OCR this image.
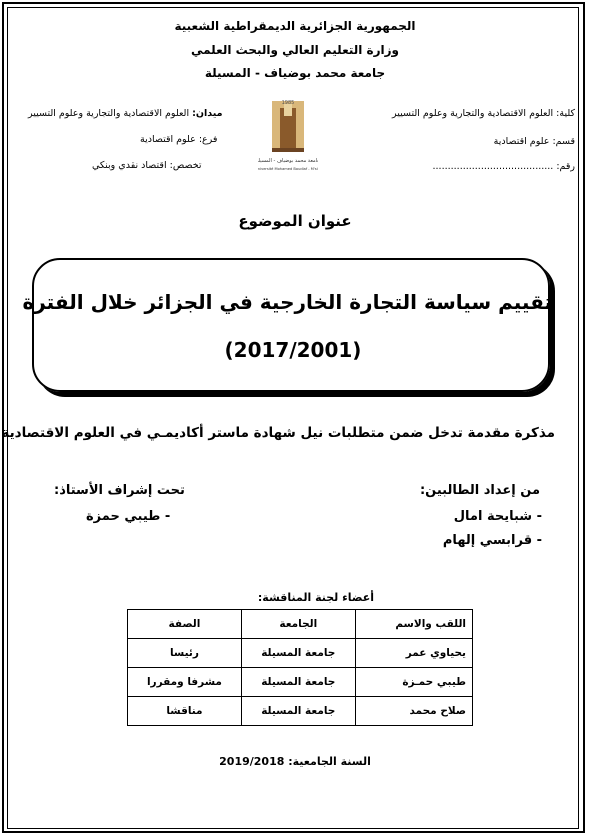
الجمهورية الجزائرية الديمقراطية الشعبية
وزارة التعليم العالي والبحث العلمي
جامعة محمد بوضياف - المسيلة
كلية: العلوم الاقتصادية والتجارية وعلوم التسيير
قسم: علوم اقتصادية
رقم: ........................................
1985
جامعة محمد بوضياف - المسيلة
Université Mohamed Boudiaf - M'sila
ميدان: العلوم الاقتصادية والتجارية وعلوم التسيير
فرع: علوم اقتصادية
تخصص: اقتصاد نقدي وبنكي
عنوان الموضوع
تقييم سياسة التجارة الخارجية في الجزائر خلال الفترة
(2017/2001)
مذكرة مقدمة تدخل ضمن متطلبات نيل شهادة ماستر أكاديمـي في العلوم الاقتصادية
من إعداد الطالبين:
- شبايحة امال
- قرابسي إلهام
تحت إشراف الأستاذ:
- طيبي حمزة
أعضاء لجنة المناقشة:
اللقب والاسم	الجامعة	الصفة
يحياوي عمر	جامعة المسيلة	رئيسا
طيبي حمـزة	جامعة المسيلة	مشرفا ومقررا
صلاح محمد	جامعة المسيلة	مناقشا
السنة الجامعية: 2019/2018
